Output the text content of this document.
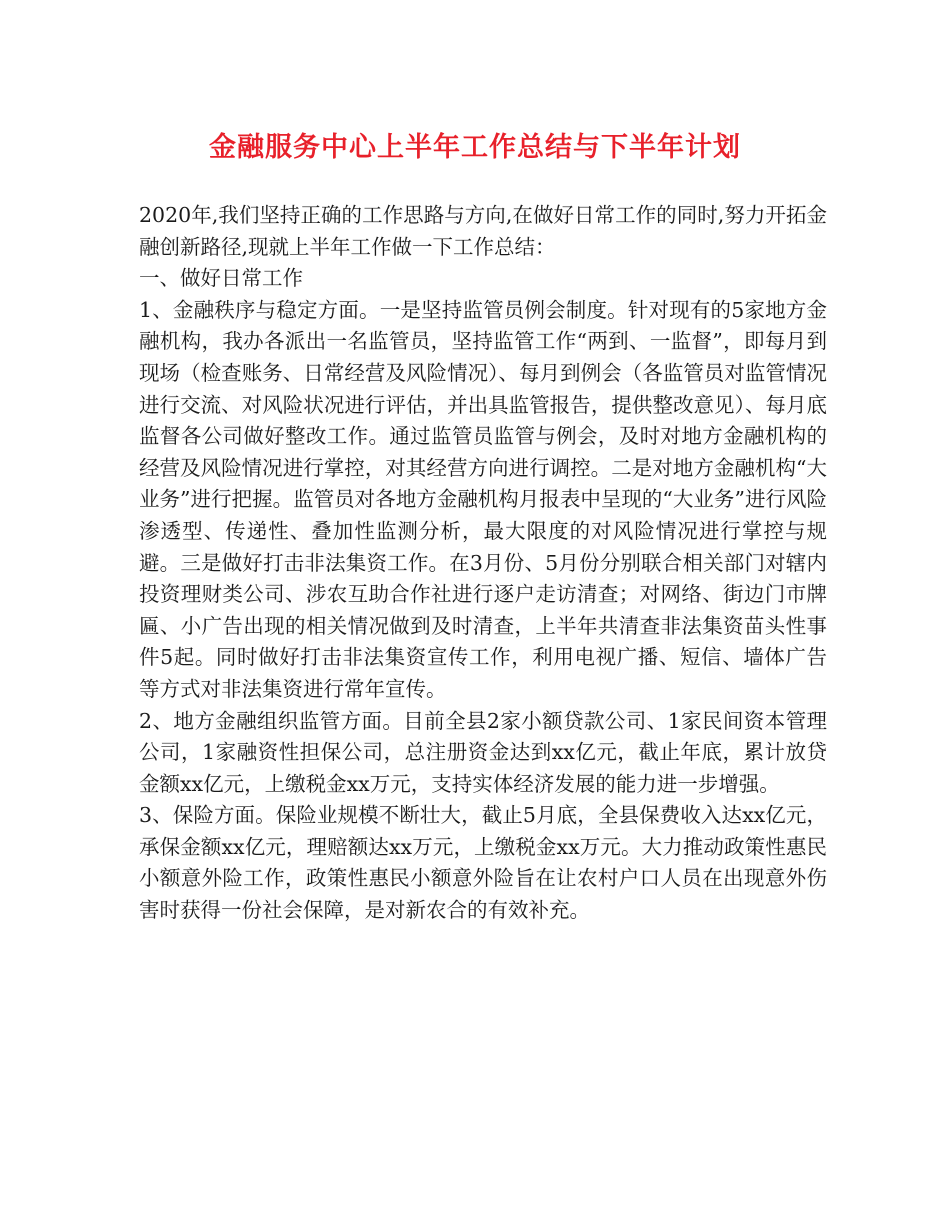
金融服务中心上半年工作总结与下半年计划

2020年,我们坚持正确的工作思路与方向,在做好日常工作的同时,努力开拓金融创新路径,现就上半年工作做一下工作总结：

一、做好日常工作

1、金融秩序与稳定方面。一是坚持监管员例会制度。针对现有的5家地方金融机构，我办各派出一名监管员，坚持监管工作“两到、一监督”，即每月到现场（检查账务、日常经营及风险情况）、每月到例会（各监管员对监管情况进行交流、对风险状况进行评估，并出具监管报告，提供整改意见）、每月底监督各公司做好整改工作。通过监管员监管与例会，及时对地方金融机构的经营及风险情况进行掌控，对其经营方向进行调控。二是对地方金融机构“大业务”进行把握。监管员对各地方金融机构月报表中呈现的“大业务”进行风险渗透型、传递性、叠加性监测分析，最大限度的对风险情况进行掌控与规避。三是做好打击非法集资工作。在3月份、5月份分别联合相关部门对辖内投资理财类公司、涉农互助合作社进行逐户走访清查；对网络、街边门市牌匾、小广告出现的相关情况做到及时清查，上半年共清查非法集资苗头性事件5起。同时做好打击非法集资宣传工作，利用电视广播、短信、墙体广告等方式对非法集资进行常年宣传。

2、地方金融组织监管方面。目前全县2家小额贷款公司、1家民间资本管理公司，1家融资性担保公司，总注册资金达到xx亿元，截止年底，累计放贷金额xx亿元，上缴税金xx万元，支持实体经济发展的能力进一步增强。

3、保险方面。保险业规模不断壮大，截止5月底，全县保费收入达xx亿元，承保金额xx亿元，理赔额达xx万元，上缴税金xx万元。大力推动政策性惠民小额意外险工作，政策性惠民小额意外险旨在让农村户口人员在出现意外伤害时获得一份社会保障，是对新农合的有效补充。
